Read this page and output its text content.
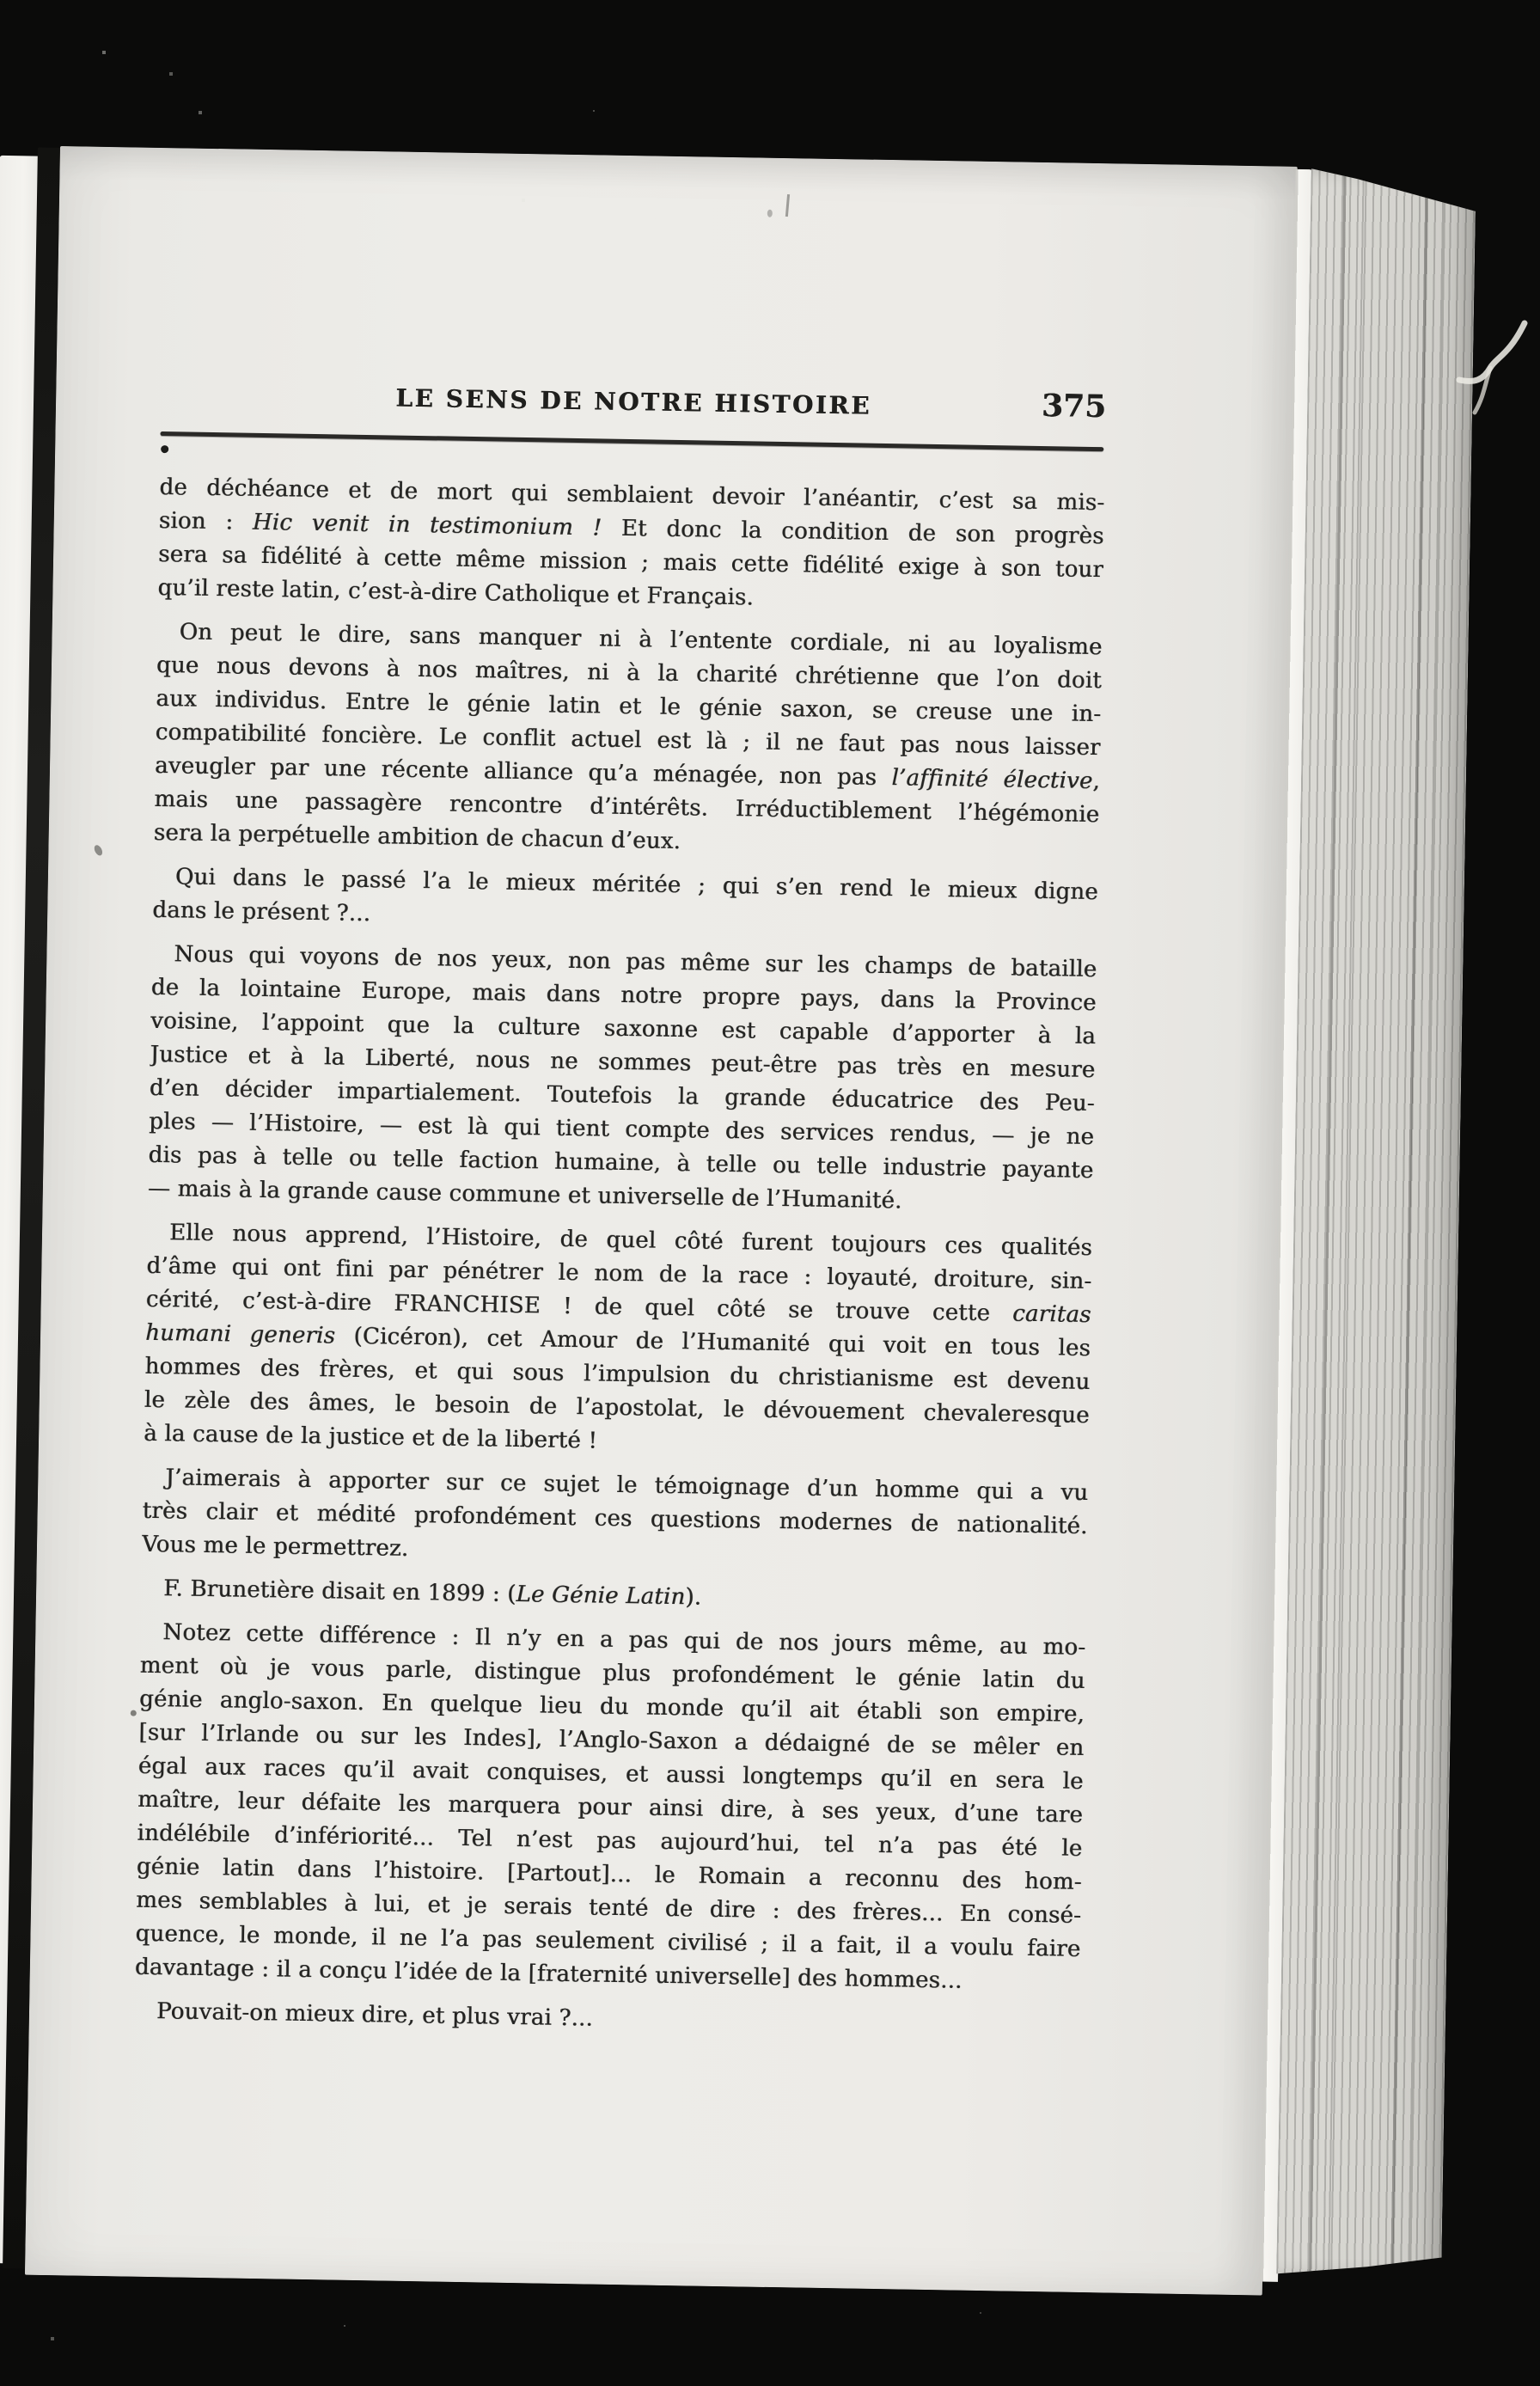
LE SENS DE NOTRE HISTOIRE	375
de déchéance et de mort qui semblaient devoir l’anéantir, c’est sa mis-
sion : Hic venit in testimonium ! Et donc la condition de son progrès
sera sa fidélité à cette même mission ; mais cette fidélité exige à son tour
qu’il reste latin, c’est-à-dire Catholique et Français.
On peut le dire, sans manquer ni à l’entente cordiale, ni au loyalisme
que nous devons à nos maîtres, ni à la charité chrétienne que l’on doit
aux individus. Entre le génie latin et le génie saxon, se creuse une in-
compatibilité foncière. Le conflit actuel est là ; il ne faut pas nous laisser
aveugler par une récente alliance qu’a ménagée, non pas l’affinité élective,
mais une passagère rencontre d’intérêts. Irréductiblement l’hégémonie
sera la perpétuelle ambition de chacun d’eux.
Qui dans le passé l’a le mieux méritée ; qui s’en rend le mieux digne
dans le présent ?...
Nous qui voyons de nos yeux, non pas même sur les champs de bataille
de la lointaine Europe, mais dans notre propre pays, dans la Province
voisine, l’appoint que la culture saxonne est capable d’apporter à la
Justice et à la Liberté, nous ne sommes peut-être pas très en mesure
d’en décider impartialement. Toutefois la grande éducatrice des Peu-
ples — l’Histoire, — est là qui tient compte des services rendus, — je ne
dis pas à telle ou telle faction humaine, à telle ou telle industrie payante
— mais à la grande cause commune et universelle de l’Humanité.
Elle nous apprend, l’Histoire, de quel côté furent toujours ces qualités
d’âme qui ont fini par pénétrer le nom de la race : loyauté, droiture, sin-
cérité, c’est-à-dire FRANCHISE ! de quel côté se trouve cette caritas
humani generis (Cicéron), cet Amour de l’Humanité qui voit en tous les
hommes des frères, et qui sous l’impulsion du christianisme est devenu
le zèle des âmes, le besoin de l’apostolat, le dévouement chevaleresque
à la cause de la justice et de la liberté !
J’aimerais à apporter sur ce sujet le témoignage d’un homme qui a vu
très clair et médité profondément ces questions modernes de nationalité.
Vous me le permettrez.
F. Brunetière disait en 1899 : (Le Génie Latin).
Notez cette différence : Il n’y en a pas qui de nos jours même, au mo-
ment où je vous parle, distingue plus profondément le génie latin du
génie anglo-saxon. En quelque lieu du monde qu’il ait établi son empire,
[sur l’Irlande ou sur les Indes], l’Anglo-Saxon a dédaigné de se mêler en
égal aux races qu’il avait conquises, et aussi longtemps qu’il en sera le
maître, leur défaite les marquera pour ainsi dire, à ses yeux, d’une tare
indélébile d’infériorité... Tel n’est pas aujourd’hui, tel n’a pas été le
génie latin dans l’histoire. [Partout]... le Romain a reconnu des hom-
mes semblables à lui, et je serais tenté de dire : des frères... En consé-
quence, le monde, il ne l’a pas seulement civilisé ; il a fait, il a voulu faire
davantage : il a conçu l’idée de la [fraternité universelle] des hommes...
Pouvait-on mieux dire, et plus vrai ?...
